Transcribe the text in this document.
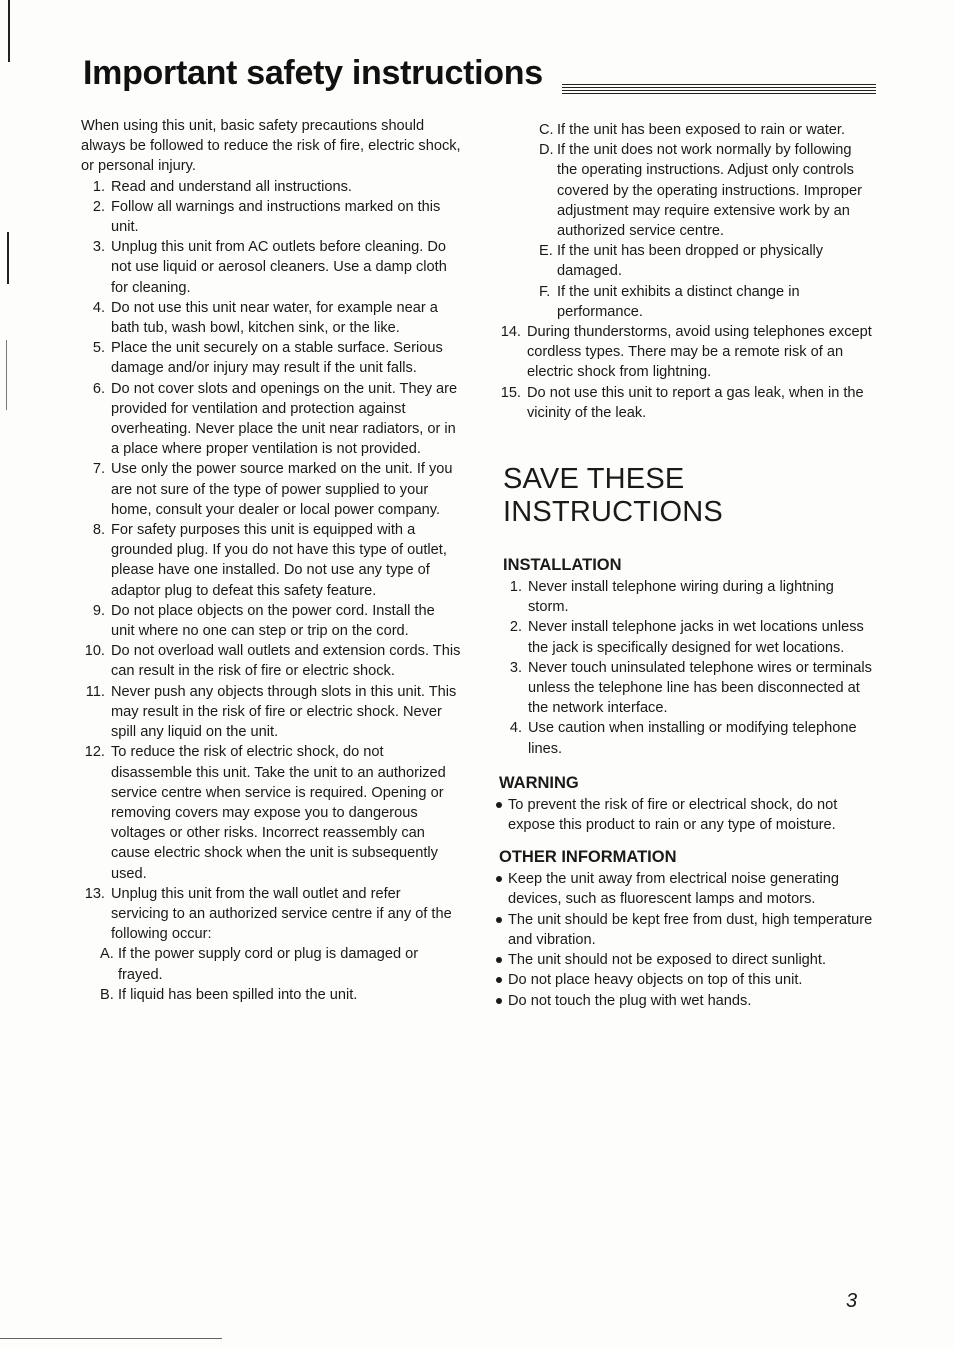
Important safety instructions

When using this unit, basic safety precautions should always be followed to reduce the risk of fire, electric shock, or personal injury.

1. Read and understand all instructions.
2. Follow all warnings and instructions marked on this unit.
3. Unplug this unit from AC outlets before cleaning. Do not use liquid or aerosol cleaners. Use a damp cloth for cleaning.
4. Do not use this unit near water, for example near a bath tub, wash bowl, kitchen sink, or the like.
5. Place the unit securely on a stable surface. Serious damage and/or injury may result if the unit falls.
6. Do not cover slots and openings on the unit. They are provided for ventilation and protection against overheating. Never place the unit near radiators, or in a place where proper ventilation is not provided.
7. Use only the power source marked on the unit. If you are not sure of the type of power supplied to your home, consult your dealer or local power company.
8. For safety purposes this unit is equipped with a grounded plug. If you do not have this type of outlet, please have one installed. Do not use any type of adaptor plug to defeat this safety feature.
9. Do not place objects on the power cord. Install the unit where no one can step or trip on the cord.
10. Do not overload wall outlets and extension cords. This can result in the risk of fire or electric shock.
11. Never push any objects through slots in this unit. This may result in the risk of fire or electric shock. Never spill any liquid on the unit.
12. To reduce the risk of electric shock, do not disassemble this unit. Take the unit to an authorized service centre when service is required. Opening or removing covers may expose you to dangerous voltages or other risks. Incorrect reassembly can cause electric shock when the unit is subsequently used.
13. Unplug this unit from the wall outlet and refer servicing to an authorized service centre if any of the following occur:
A. If the power supply cord or plug is damaged or frayed.
B. If liquid has been spilled into the unit.
C. If the unit has been exposed to rain or water.
D. If the unit does not work normally by following the operating instructions. Adjust only controls covered by the operating instructions. Improper adjustment may require extensive work by an authorized service centre.
E. If the unit has been dropped or physically damaged.
F. If the unit exhibits a distinct change in performance.
14. During thunderstorms, avoid using telephones except cordless types. There may be a remote risk of an electric shock from lightning.
15. Do not use this unit to report a gas leak, when in the vicinity of the leak.
SAVE THESE
INSTRUCTIONS
INSTALLATION
1. Never install telephone wiring during a lightning storm.
2. Never install telephone jacks in wet locations unless the jack is specifically designed for wet locations.
3. Never touch uninsulated telephone wires or terminals unless the telephone line has been disconnected at the network interface.
4. Use caution when installing or modifying telephone lines.
WARNING
To prevent the risk of fire or electrical shock, do not expose this product to rain or any type of moisture.
OTHER INFORMATION
Keep the unit away from electrical noise generating devices, such as fluorescent lamps and motors.
The unit should be kept free from dust, high temperature and vibration.
The unit should not be exposed to direct sunlight.
Do not place heavy objects on top of this unit.
Do not touch the plug with wet hands.
3
